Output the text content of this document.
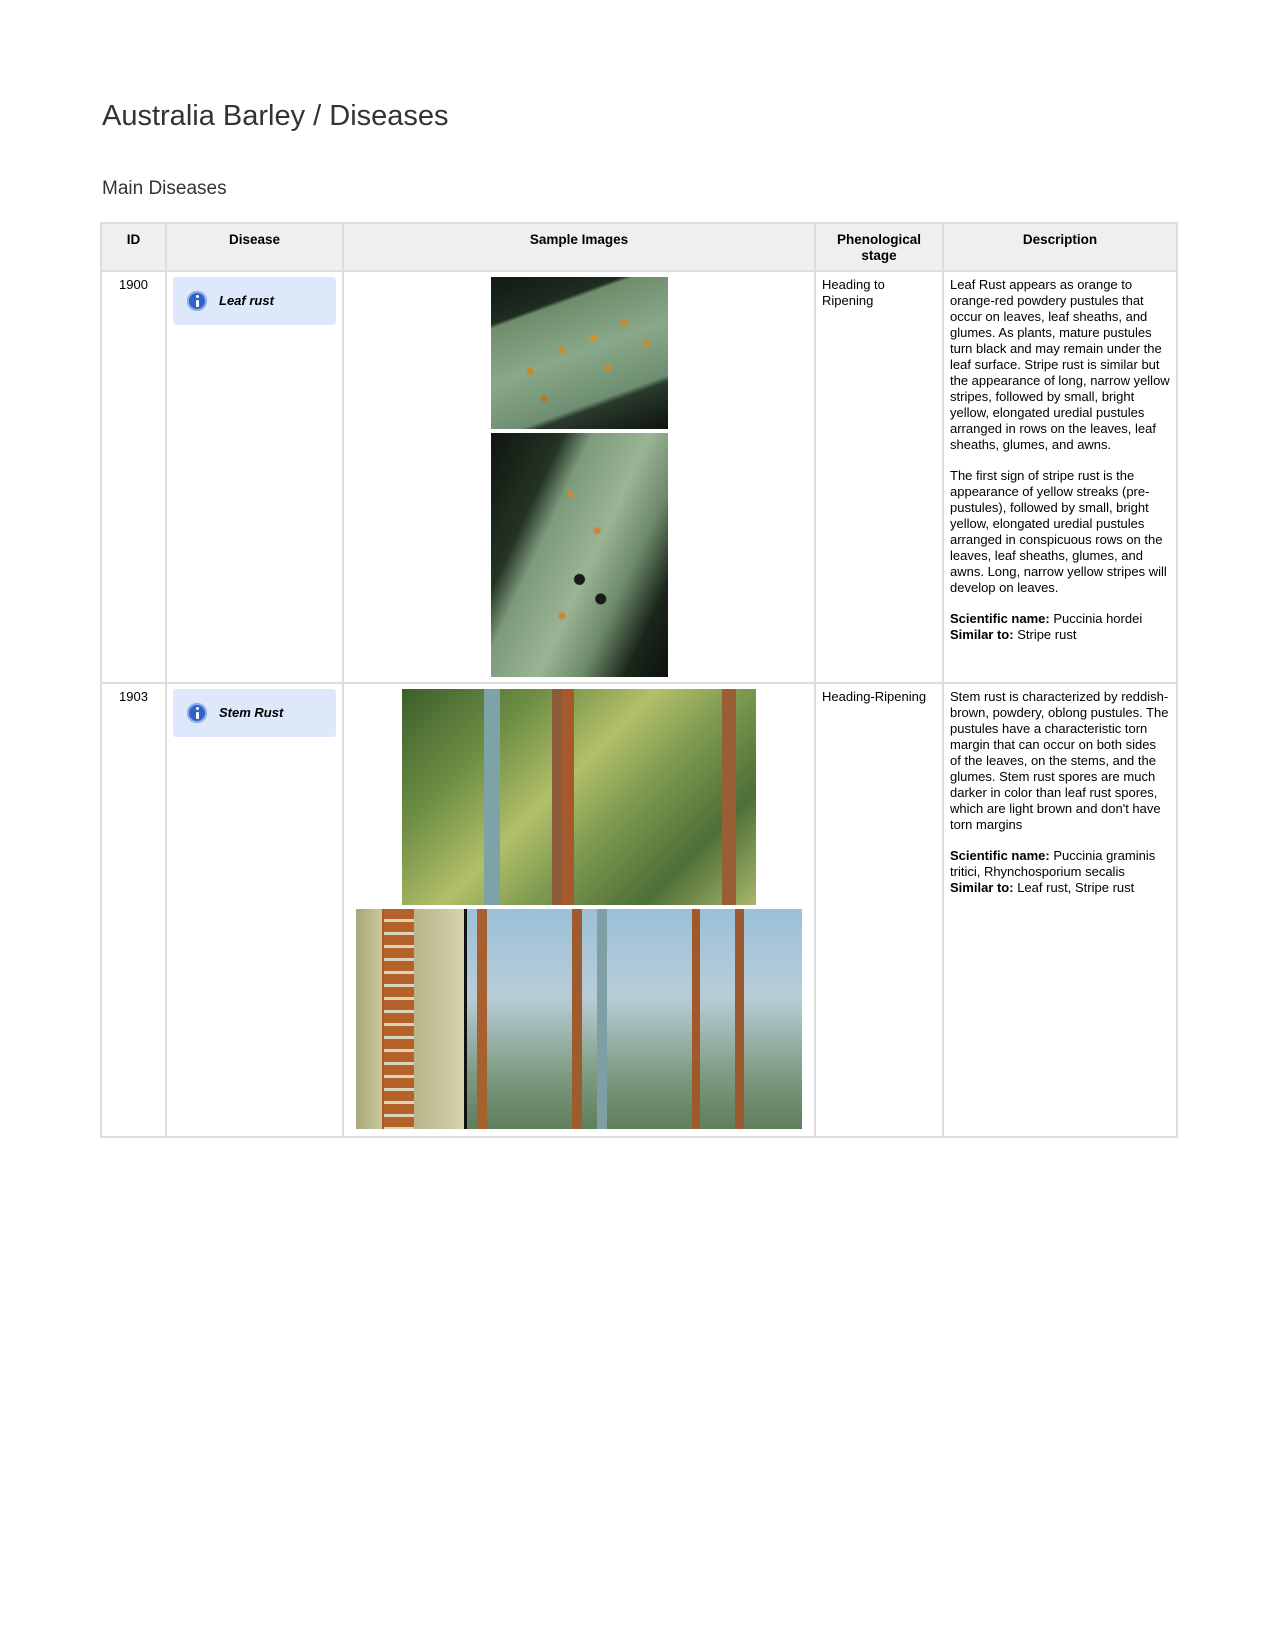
Australia Barley / Diseases
Main Diseases
ID	Disease	Sample Images	Phenological stage	Description
1900	Leaf rust		Heading to Ripening	Leaf Rust appears as orange to orange-red powdery pustules that occur on leaves, leaf sheaths, and glumes. As plants, mature pustules turn black and may remain under the leaf surface. Stripe rust is similar but the appearance of long, narrow yellow stripes, followed by small, bright yellow, elongated uredial pustules arranged in rows on the leaves, leaf sheaths, glumes, and awns.

The first sign of stripe rust is the appearance of yellow streaks (pre-pustules), followed by small, bright yellow, elongated uredial pustules arranged in conspicuous rows on the leaves, leaf sheaths, glumes, and awns. Long, narrow yellow stripes will develop on leaves.

Scientific name: Puccinia hordei
Similar to: Stripe rust

1903	Stem Rust		Heading-Ripening	Stem rust is characterized by reddish-brown, powdery, oblong pustules. The pustules have a characteristic torn margin that can occur on both sides of the leaves, on the stems, and the glumes. Stem rust spores are much darker in color than leaf rust spores, which are light brown and don't have torn margins

Scientific name: Puccinia graminis tritici, Rhynchosporium secalis
Similar to: Leaf rust, Stripe rust
